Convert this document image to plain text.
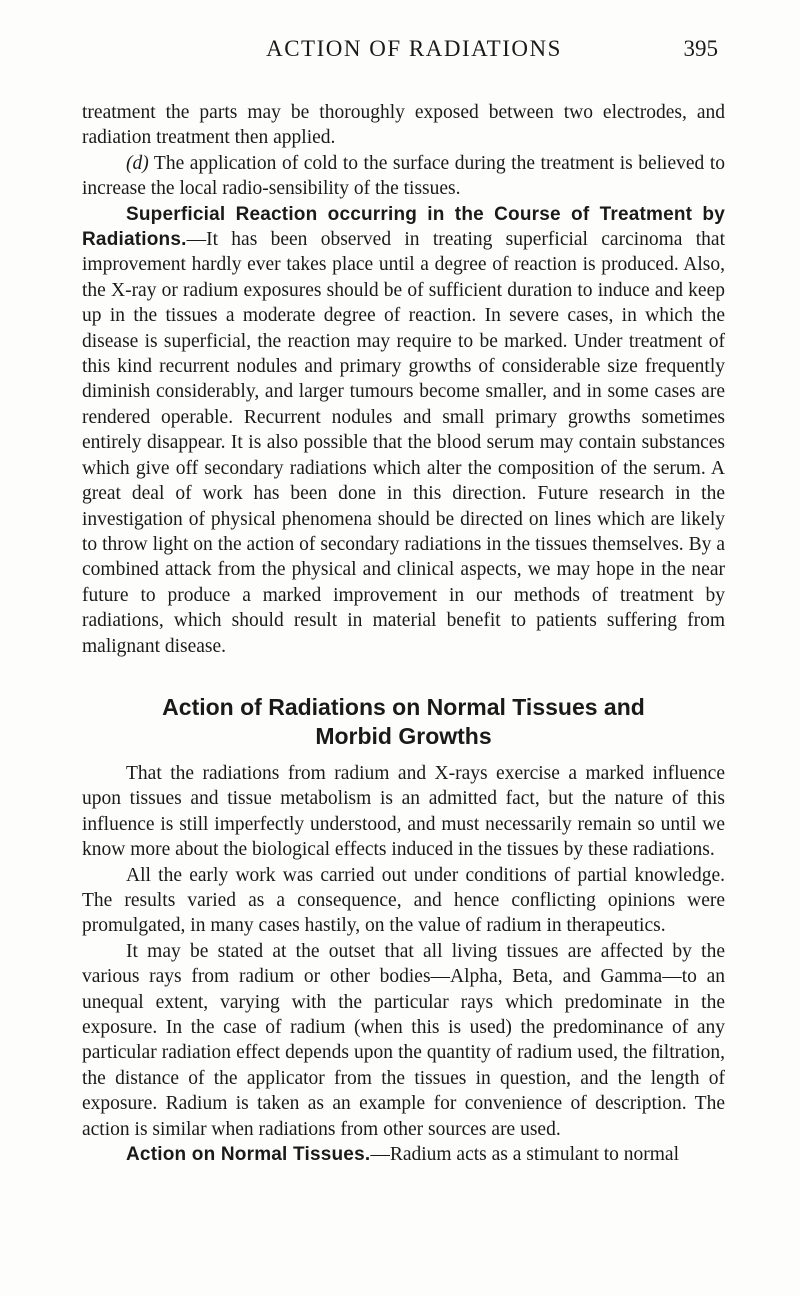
ACTION OF RADIATIONS	395

treatment the parts may be thoroughly exposed between two electrodes, and radiation treatment then applied.

(d) The application of cold to the surface during the treatment is believed to increase the local radio-sensibility of the tissues.

Superficial Reaction occurring in the Course of Treatment by Radiations.—It has been observed in treating superficial carcinoma that improvement hardly ever takes place until a degree of reaction is produced. Also, the X-ray or radium exposures should be of sufficient duration to induce and keep up in the tissues a moderate degree of reaction. In severe cases, in which the disease is superficial, the reaction may require to be marked. Under treatment of this kind recurrent nodules and primary growths of considerable size frequently diminish considerably, and larger tumours become smaller, and in some cases are rendered operable. Recurrent nodules and small primary growths sometimes entirely disappear. It is also possible that the blood serum may contain substances which give off secondary radiations which alter the composition of the serum. A great deal of work has been done in this direction. Future research in the investigation of physical phenomena should be directed on lines which are likely to throw light on the action of secondary radiations in the tissues themselves. By a combined attack from the physical and clinical aspects, we may hope in the near future to produce a marked improvement in our methods of treatment by radiations, which should result in material benefit to patients suffering from malignant disease.

Action of Radiations on Normal Tissues and Morbid Growths

That the radiations from radium and X-rays exercise a marked influence upon tissues and tissue metabolism is an admitted fact, but the nature of this influence is still imperfectly understood, and must necessarily remain so until we know more about the biological effects induced in the tissues by these radiations.

All the early work was carried out under conditions of partial knowledge. The results varied as a consequence, and hence conflicting opinions were promulgated, in many cases hastily, on the value of radium in therapeutics.

It may be stated at the outset that all living tissues are affected by the various rays from radium or other bodies—Alpha, Beta, and Gamma—to an unequal extent, varying with the particular rays which predominate in the exposure. In the case of radium (when this is used) the predominance of any particular radiation effect depends upon the quantity of radium used, the filtration, the distance of the applicator from the tissues in question, and the length of exposure. Radium is taken as an example for convenience of description. The action is similar when radiations from other sources are used.

Action on Normal Tissues.—Radium acts as a stimulant to normal
